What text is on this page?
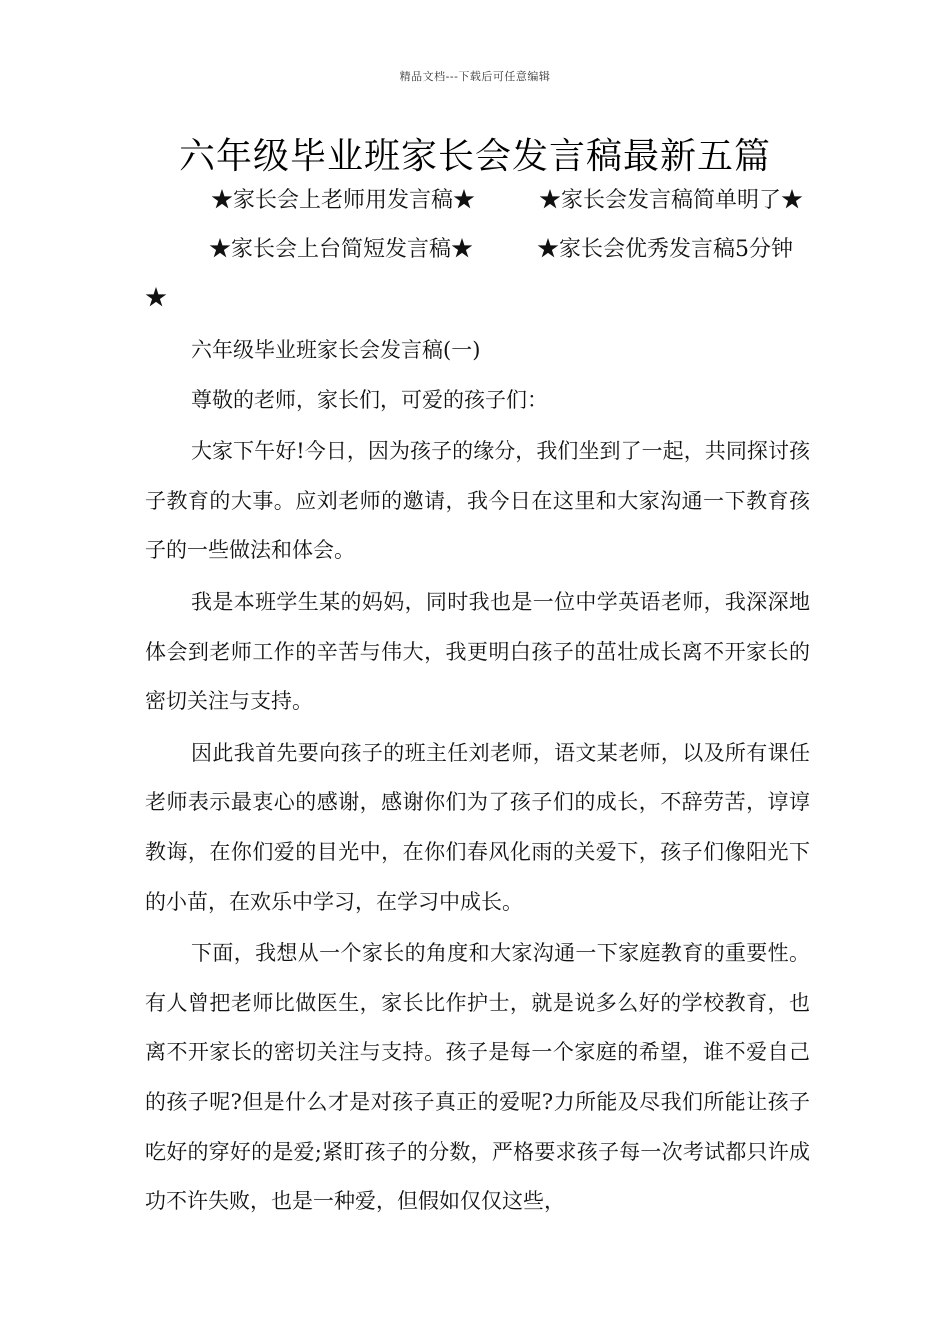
精品文档---下载后可任意编辑
六年级毕业班家长会发言稿最新五篇
★家长会上老师用发言稿★	★家长会发言稿简单明了★★家长会上台简短发言稿★	★家长会优秀发言稿5分钟★

六年级毕业班家长会发言稿(一)

尊敬的老师，家长们，可爱的孩子们：

大家下午好!今日，因为孩子的缘分，我们坐到了一起，共同探讨孩子教育的大事。应刘老师的邀请，我今日在这里和大家沟通一下教育孩子的一些做法和体会。

我是本班学生某的妈妈，同时我也是一位中学英语老师，我深深地体会到老师工作的辛苦与伟大，我更明白孩子的茁壮成长离不开家长的密切关注与支持。

因此我首先要向孩子的班主任刘老师，语文某老师，以及所有课任老师表示最衷心的感谢，感谢你们为了孩子们的成长，不辞劳苦，谆谆教诲，在你们爱的目光中，在你们春风化雨的关爱下，孩子们像阳光下的小苗，在欢乐中学习，在学习中成长。

下面，我想从一个家长的角度和大家沟通一下家庭教育的重要性。有人曾把老师比做医生，家长比作护士，就是说多么好的学校教育，也离不开家长的密切关注与支持。孩子是每一个家庭的希望，谁不爱自己的孩子呢?但是什么才是对孩子真正的爱呢?力所能及尽我们所能让孩子吃好的穿好的是爱;紧盯孩子的分数，严格要求孩子每一次考试都只许成功不许失败，也是一种爱，但假如仅仅这些，
